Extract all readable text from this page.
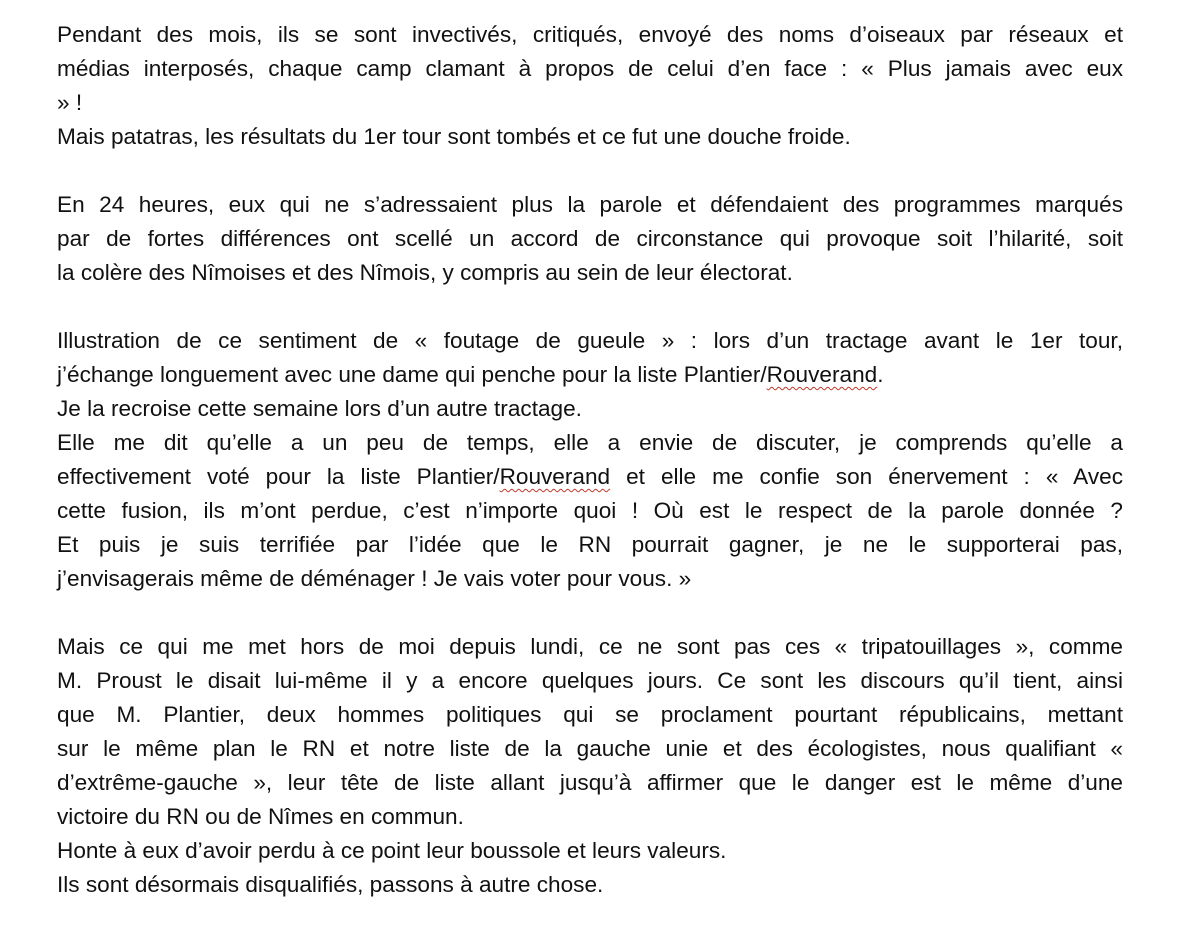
Pendant des mois, ils se sont invectivés, critiqués, envoyé des noms d’oiseaux par réseaux et
médias interposés, chaque camp clamant à propos de celui d’en face : « Plus jamais avec eux
» !
Mais patatras, les résultats du 1er tour sont tombés et ce fut une douche froide.
En 24 heures, eux qui ne s’adressaient plus la parole et défendaient des programmes marqués
par de fortes différences ont scellé un accord de circonstance qui provoque soit l’hilarité, soit
la colère des Nîmoises et des Nîmois, y compris au sein de leur électorat.
Illustration de ce sentiment de « foutage de gueule » : lors d’un tractage avant le 1er tour,
j’échange longuement avec une dame qui penche pour la liste Plantier/Rouverand.
Je la recroise cette semaine lors d’un autre tractage.
Elle me dit qu’elle a un peu de temps, elle a envie de discuter, je comprends qu’elle a
effectivement voté pour la liste Plantier/Rouverand et elle me confie son énervement : « Avec
cette fusion, ils m’ont perdue, c’est n’importe quoi ! Où est le respect de la parole donnée ?
Et puis je suis terrifiée par l’idée que le RN pourrait gagner, je ne le supporterai pas,
j’envisagerais même de déménager ! Je vais voter pour vous. »
Mais ce qui me met hors de moi depuis lundi, ce ne sont pas ces « tripatouillages », comme
M. Proust le disait lui-même il y a encore quelques jours. Ce sont les discours qu’il tient, ainsi
que M. Plantier, deux hommes politiques qui se proclament pourtant républicains, mettant
sur le même plan le RN et notre liste de la gauche unie et des écologistes, nous qualifiant «
d’extrême-gauche », leur tête de liste allant jusqu’à affirmer que le danger est le même d’une
victoire du RN ou de Nîmes en commun.
Honte à eux d’avoir perdu à ce point leur boussole et leurs valeurs.
Ils sont désormais disqualifiés, passons à autre chose.
